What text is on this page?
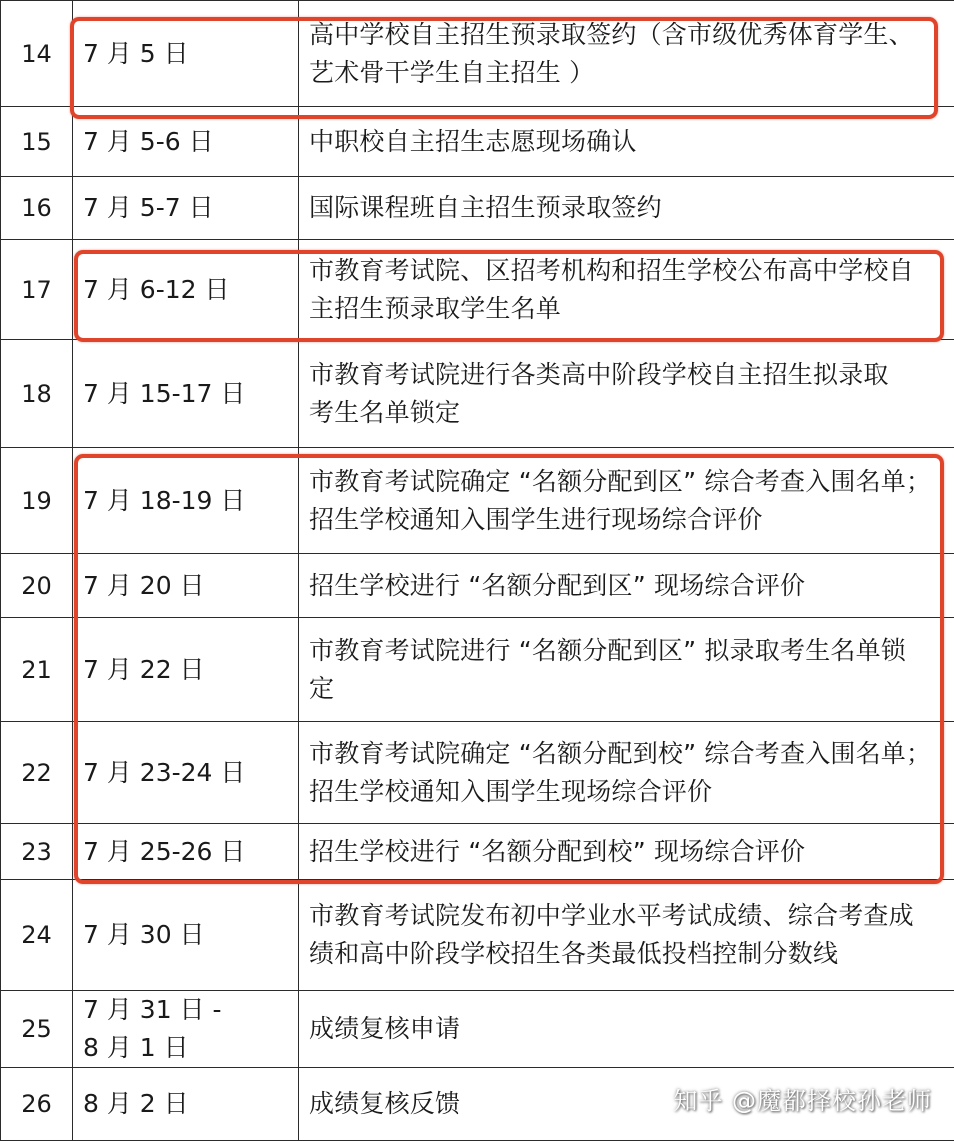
14	7 月 5 日	高中学校自主招生预录取签约（含市级优秀体育学生、
艺术骨干学生自主招生 ）
15	7 月 5-6 日	中职校自主招生志愿现场确认
16	7 月 5-7 日	国际课程班自主招生预录取签约
17	7 月 6-12 日	市教育考试院、区招考机构和招生学校公布高中学校自
主招生预录取学生名单
18	7 月 15-17 日	市教育考试院进行各类高中阶段学校自主招生拟录取
考生名单锁定
19	7 月 18-19 日	市教育考试院确定 “名额分配到区” 综合考查入围名单；
招生学校通知入围学生进行现场综合评价
20	7 月 20 日	招生学校进行 “名额分配到区” 现场综合评价
21	7 月 22 日	市教育考试院进行 “名额分配到区” 拟录取考生名单锁
定
22	7 月 23-24 日	市教育考试院确定 “名额分配到校” 综合考查入围名单；
招生学校通知入围学生现场综合评价
23	7 月 25-26 日	招生学校进行 “名额分配到校” 现场综合评价
24	7 月 30 日	市教育考试院发布初中学业水平考试成绩、综合考查成
绩和高中阶段学校招生各类最低投档控制分数线
25	7 月 31 日 -
8 月 1 日	成绩复核申请
26	8 月 2 日	成绩复核反馈	知乎 @魔都择校孙老师
